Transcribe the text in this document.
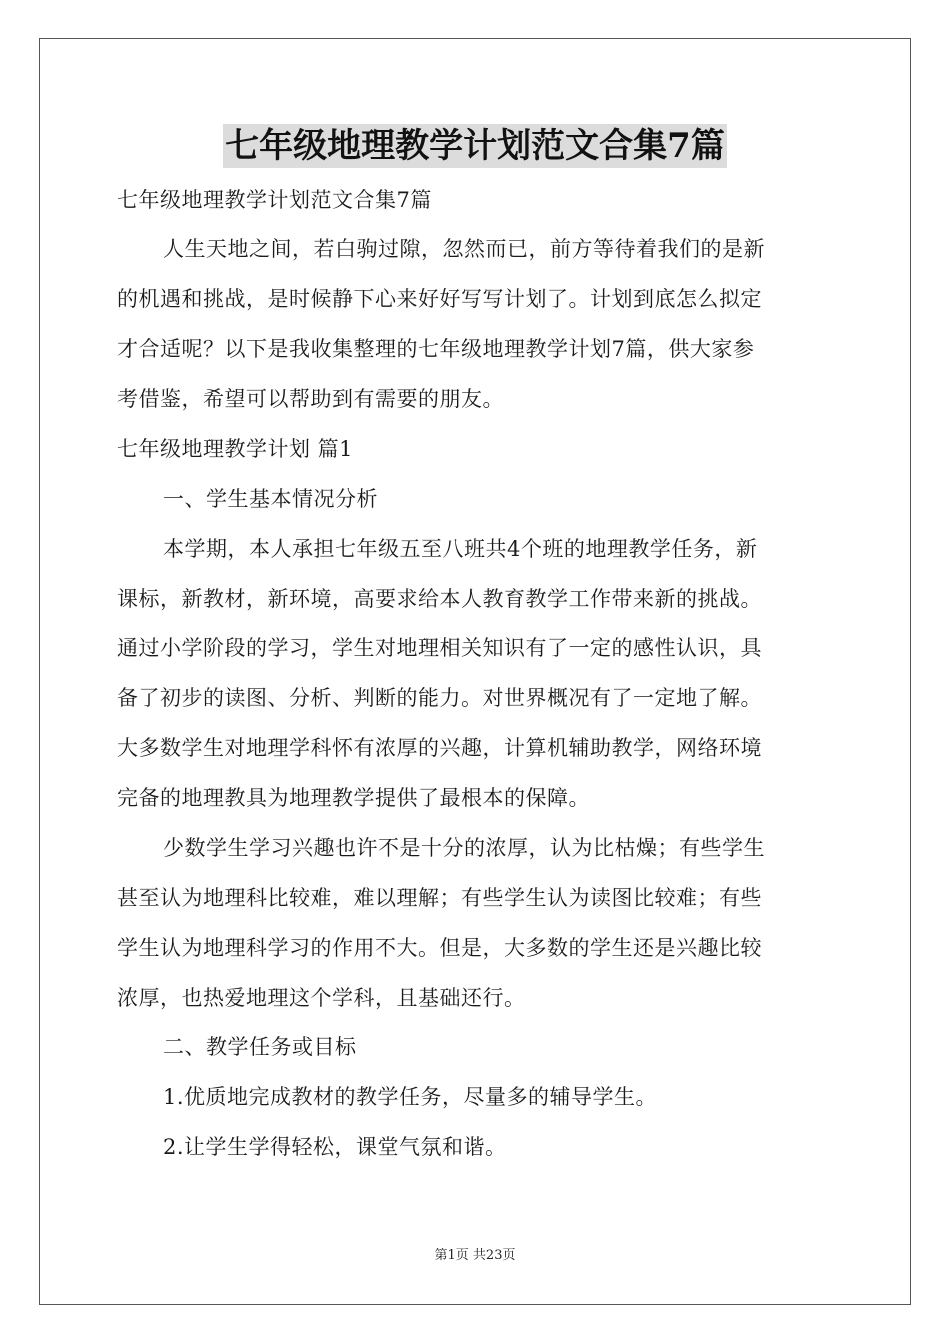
七年级地理教学计划范文合集7篇
七年级地理教学计划范文合集7篇
人生天地之间，若白驹过隙，忽然而已，前方等待着我们的是新
的机遇和挑战，是时候静下心来好好写写计划了。计划到底怎么拟定
才合适呢？以下是我收集整理的七年级地理教学计划7篇，供大家参
考借鉴，希望可以帮助到有需要的朋友。
七年级地理教学计划 篇1
一、学生基本情况分析
本学期，本人承担七年级五至八班共4个班的地理教学任务，新
课标，新教材，新环境，高要求给本人教育教学工作带来新的挑战。
通过小学阶段的学习，学生对地理相关知识有了一定的感性认识，具
备了初步的读图、分析、判断的能力。对世界概况有了一定地了解。
大多数学生对地理学科怀有浓厚的兴趣，计算机辅助教学，网络环境
完备的地理教具为地理教学提供了最根本的保障。
少数学生学习兴趣也许不是十分的浓厚，认为比枯燥；有些学生
甚至认为地理科比较难，难以理解；有些学生认为读图比较难；有些
学生认为地理科学习的作用不大。但是，大多数的学生还是兴趣比较
浓厚，也热爱地理这个学科，且基础还行。
二、教学任务或目标
1.优质地完成教材的教学任务，尽量多的辅导学生。
2.让学生学得轻松，课堂气氛和谐。
第1页 共23页
